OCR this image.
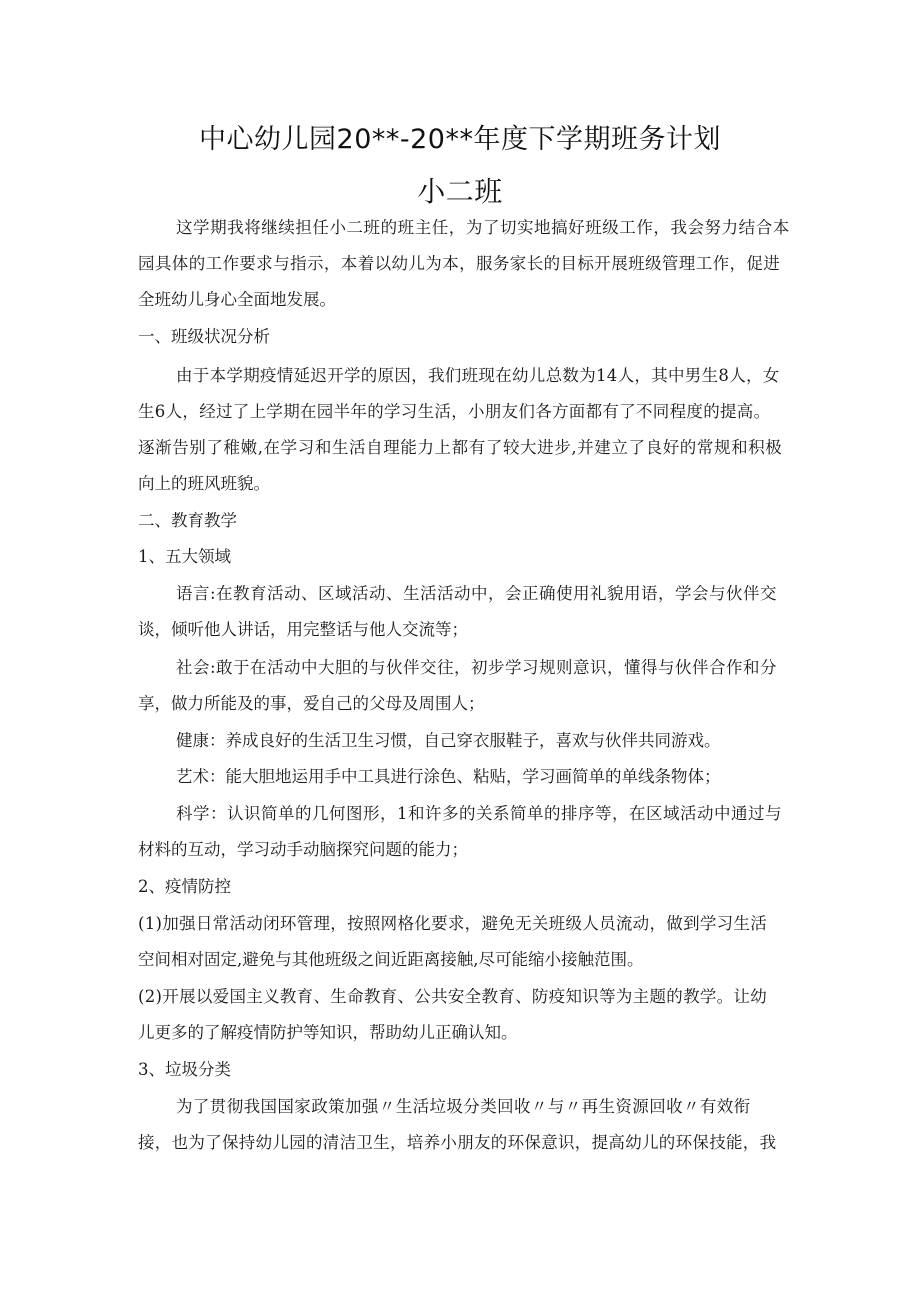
中心幼儿园20**-20**年度下学期班务计划
小二班
这学期我将继续担任小二班的班主任，为了切实地搞好班级工作，我会努力结合本
园具体的工作要求与指示，本着以幼儿为本，服务家长的目标开展班级管理工作，促进
全班幼儿身心全面地发展。
一、班级状况分析
由于本学期疫情延迟开学的原因，我们班现在幼儿总数为14人，其中男生8人，女
生6人，经过了上学期在园半年的学习生活，小朋友们各方面都有了不同程度的提高。
逐渐告别了稚嫩,在学习和生活自理能力上都有了较大进步,并建立了良好的常规和积极
向上的班风班貌。
二、教育教学
1、五大领域
语言:在教育活动、区域活动、生活活动中，会正确使用礼貌用语，学会与伙伴交
谈，倾听他人讲话，用完整话与他人交流等；
社会:敢于在活动中大胆的与伙伴交往，初步学习规则意识，懂得与伙伴合作和分
享，做力所能及的事，爱自己的父母及周围人；
健康：养成良好的生活卫生习惯，自己穿衣服鞋子，喜欢与伙伴共同游戏。
艺术：能大胆地运用手中工具进行涂色、粘贴，学习画简单的单线条物体；
科学：认识简单的几何图形，1和许多的关系简单的排序等，在区域活动中通过与
材料的互动，学习动手动脑探究问题的能力；
2、疫情防控
(1)加强日常活动闭环管理，按照网格化要求，避免无关班级人员流动，做到学习生活
空间相对固定,避免与其他班级之间近距离接触,尽可能缩小接触范围。
(2)开展以爱国主义教育、生命教育、公共安全教育、防疫知识等为主题的教学。让幼
儿更多的了解疫情防护等知识，帮助幼儿正确认知。
3、垃圾分类
为了贯彻我国国家政策加强〃生活垃圾分类回收〃与〃再生资源回收〃有效衔
接，也为了保持幼儿园的清洁卫生，培养小朋友的环保意识，提高幼儿的环保技能，我
